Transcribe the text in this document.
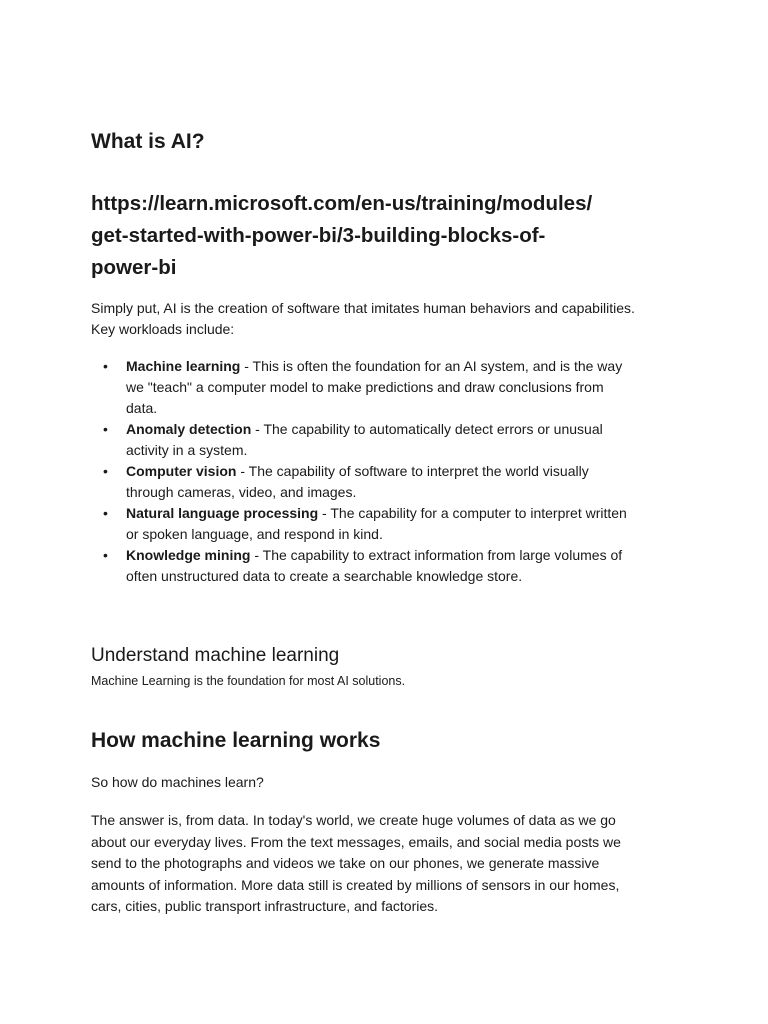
What is AI?
https://learn.microsoft.com/en-us/training/modules/
get-started-with-power-bi/3-building-blocks-of-
power-bi

Simply put, AI is the creation of software that imitates human behaviors and capabilities.
Key workloads include:

• Machine learning - This is often the foundation for an AI system, and is the way
we "teach" a computer model to make predictions and draw conclusions from
data.
• Anomaly detection - The capability to automatically detect errors or unusual
activity in a system.
• Computer vision - The capability of software to interpret the world visually
through cameras, video, and images.
• Natural language processing - The capability for a computer to interpret written
or spoken language, and respond in kind.
• Knowledge mining - The capability to extract information from large volumes of
often unstructured data to create a searchable knowledge store.
Understand machine learning

Machine Learning is the foundation for most AI solutions.

How machine learning works

So how do machines learn?

The answer is, from data. In today's world, we create huge volumes of data as we go
about our everyday lives. From the text messages, emails, and social media posts we
send to the photographs and videos we take on our phones, we generate massive
amounts of information. More data still is created by millions of sensors in our homes,
cars, cities, public transport infrastructure, and factories.
